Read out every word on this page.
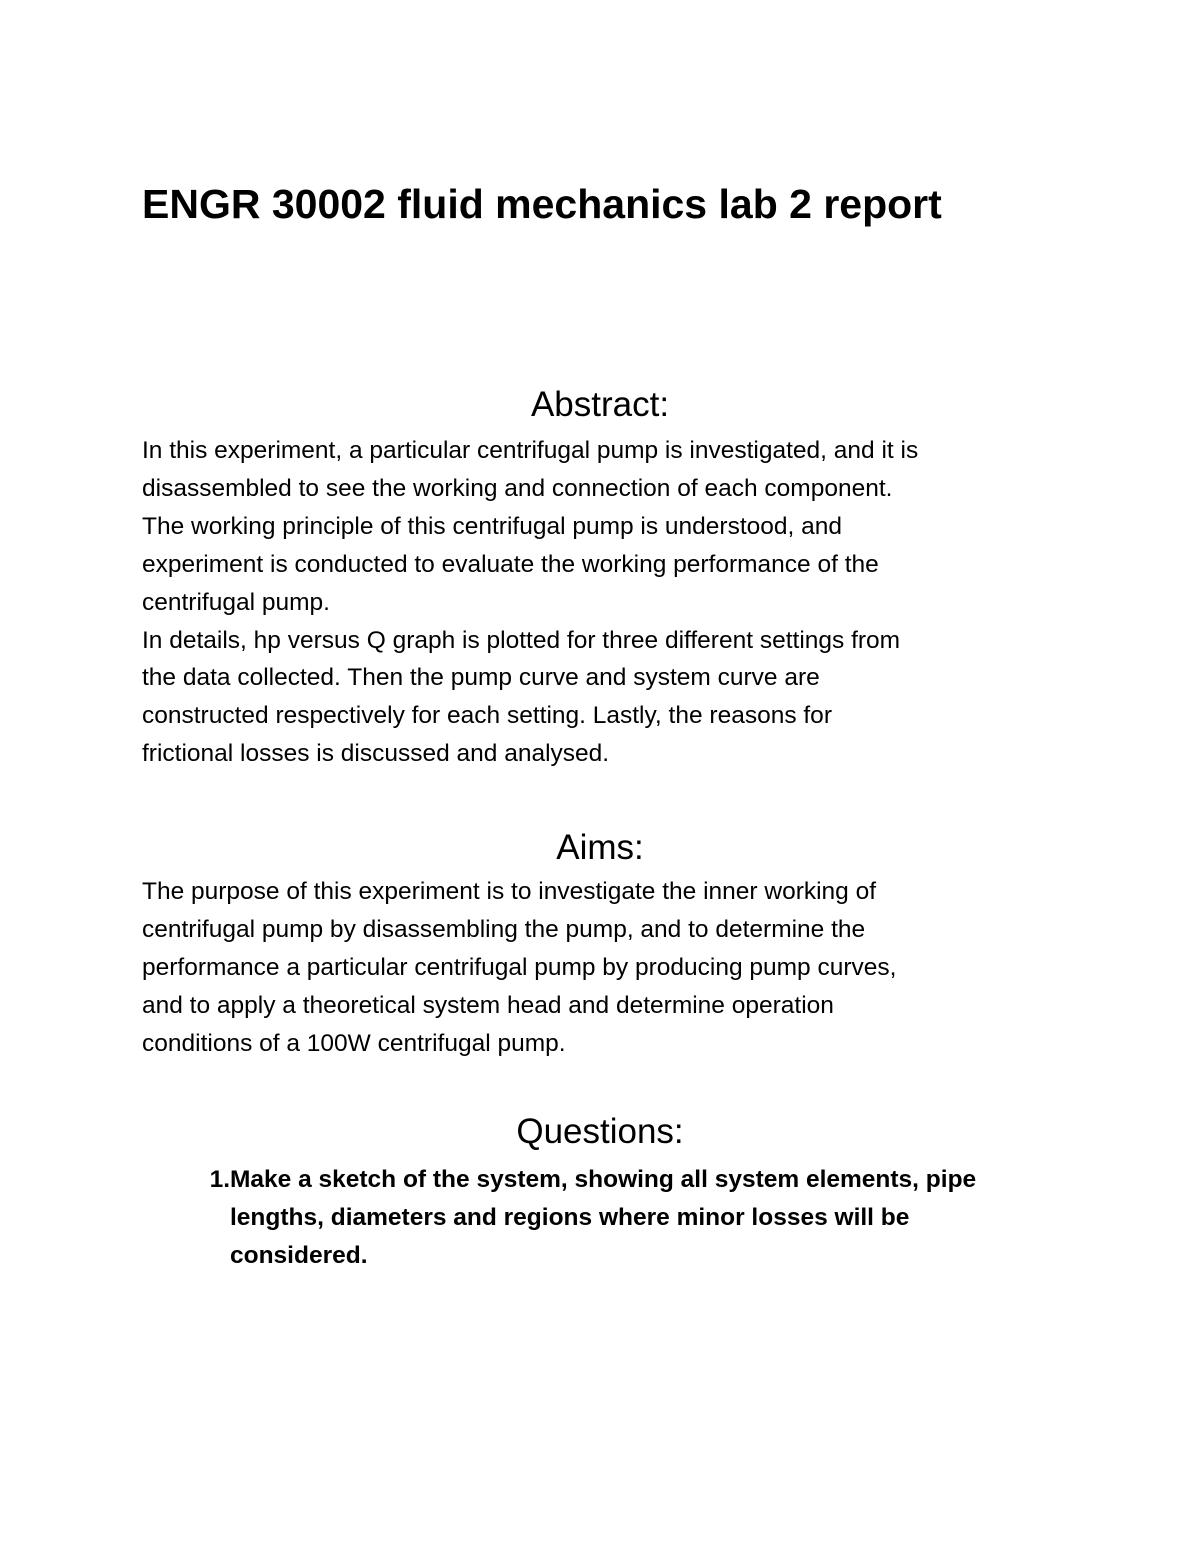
ENGR 30002 fluid mechanics lab 2 report
Abstract:

In this experiment, a particular centrifugal pump is investigated, and it is

disassembled to see the working and connection of each component.

The working principle of this centrifugal pump is understood, and

experiment is conducted to evaluate the working performance of the

centrifugal pump.

In details, hp versus Q graph is plotted for three different settings from

the data collected. Then the pump curve and system curve are

constructed respectively for each setting. Lastly, the reasons for

frictional losses is discussed and analysed.

Aims:

The purpose of this experiment is to investigate the inner working of

centrifugal pump by disassembling the pump, and to determine the

performance a particular centrifugal pump by producing pump curves,

and to apply a theoretical system head and determine operation

conditions of a 100W centrifugal pump.

Questions:
1. Make a sketch of the system, showing all system elements, pipe

lengths, diameters and regions where minor losses will be

considered.
